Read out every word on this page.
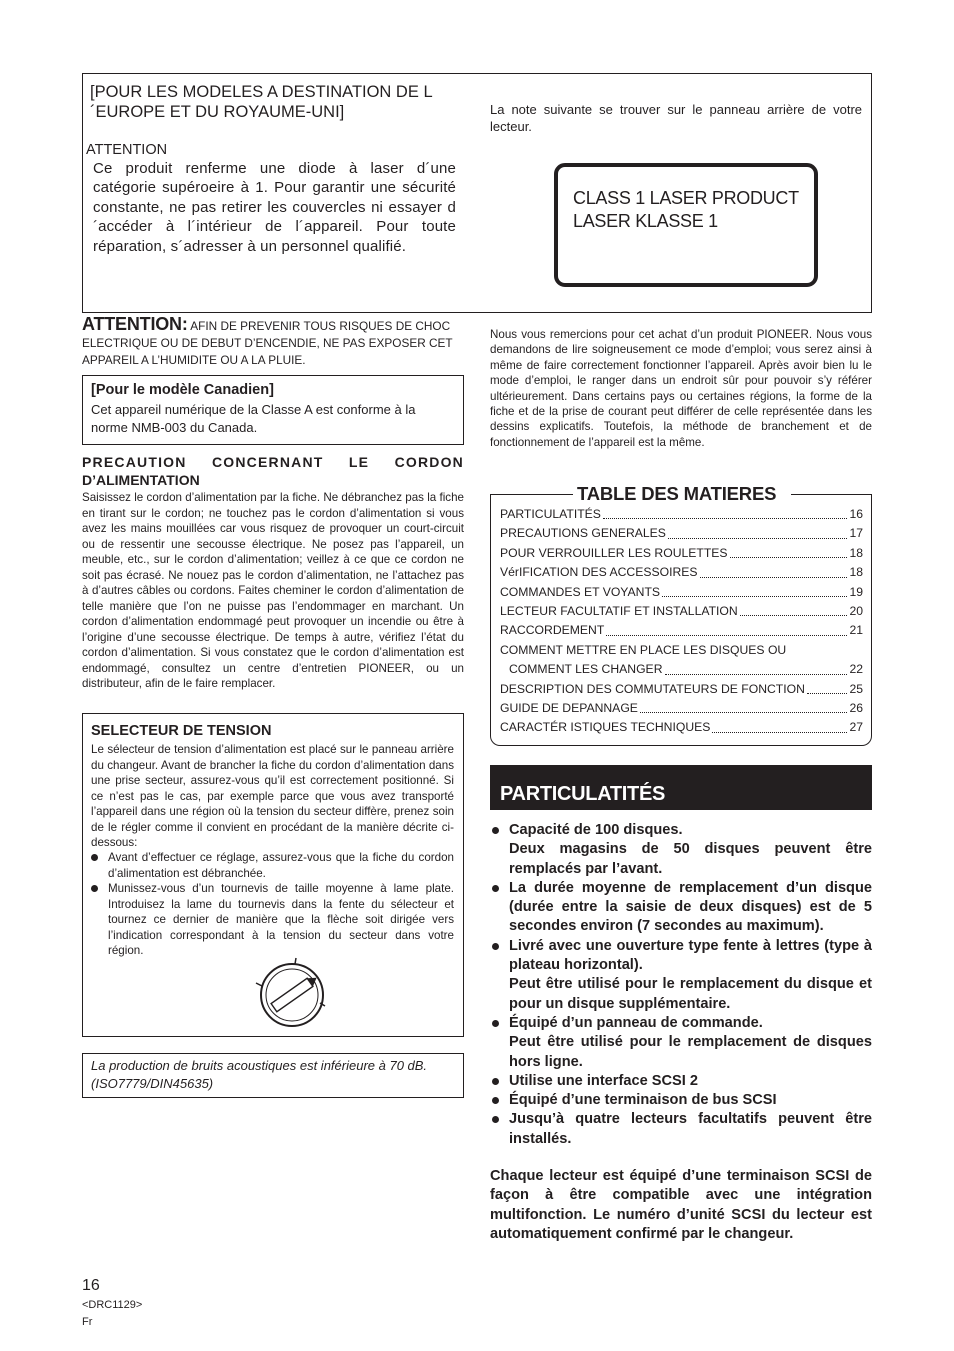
[POUR LES MODELES A DESTINATION DE L´EUROPE ET DU ROYAUME-UNI]
ATTENTION
Ce produit renferme une diode à laser d´une catégorie supéroeire à 1. Pour garantir une sécurité constante, ne pas retirer les couvercles ni essayer d´accéder à l´intérieur de l´appareil. Pour toute réparation, s´adresser à un personnel qualifié.
La note suivante se trouver sur le panneau arrière de votre lecteur.
CLASS 1 LASER PRODUCT
LASER KLASSE 1
ATTENTION: AFIN DE PREVENIR TOUS RISQUES DE CHOC ELECTRIQUE OU DE DEBUT D’ENCENDIE, NE PAS EXPOSER CET APPAREIL A L’HUMIDITE OU A LA PLUIE.
[Pour le modèle Canadien]
Cet appareil numérique de la Classe A est conforme à la norme NMB-003 du Canada.
PRECAUTION CONCERNANT LE CORDON
D’ALIMENTATION
Saisissez le cordon d’alimentation par la fiche. Ne débranchez pas la fiche en tirant sur le cordon; ne touchez pas le cordon d’alimentation si vous avez les mains mouillées car vous risquez de provoquer un court-circuit ou de ressentir une secousse électrique. Ne posez pas l’appareil, un meuble, etc., sur le cordon d’alimentation; veillez à ce que ce cordon ne soit pas écrasé. Ne nouez pas le cordon d’alimentation, ne l’attachez pas à d’autres câbles ou cordons. Faites cheminer le cordon d’alimentation de telle manière que l’on ne puisse pas l’endommager en marchant. Un cordon d’alimentation endommagé peut provoquer un incendie ou être à l’origine d’une secousse électrique. De temps à autre, vérifiez l’état du cordon d’alimentation. Si vous constatez que le cordon d’alimentation est endommagé, consultez un centre d’entretien PIONEER, ou un distributeur, afin de le faire remplacer.
SELECTEUR DE TENSION
Le sélecteur de tension d’alimentation est placé sur le panneau arrière du changeur. Avant de brancher la fiche du cordon d’alimentation dans une prise secteur, assurez-vous qu’il est correctement positionné. Si ce n’est pas le cas, par exemple parce que vous avez transporté l’appareil dans une région où la tension du secteur diffère, prenez soin de le régler comme il convient en procédant de la manière décrite ci-dessous:
Avant d’effectuer ce réglage, assurez-vous que la fiche du cordon d’alimentation est débranchée.
Munissez-vous d’un tournevis de taille moyenne à lame plate. Introduisez la lame du tournevis dans la fente du sélecteur et tournez ce dernier de manière que la flèche soit dirigée vers l’indication correspondant à la tension du secteur dans votre région.
La production de bruits acoustiques est inférieure à 70 dB. (ISO7779/DIN45635)
16
<DRC1129>
Fr
Nous vous remercions pour cet achat d’un produit PIONEER. Nous vous demandons de lire soigneusement ce mode d’emploi; vous serez ainsi à même de faire correctement fonctionner l’appareil. Après avoir bien lu le mode d’emploi, le ranger dans un endroit sûr pour pouvoir s’y référer ultérieurement. Dans certains pays ou certaines régions, la forme de la fiche et de la prise de courant peut différer de celle représentée dans les dessins explicatifs. Toutefois, la méthode de branchement et de fonctionnement de l’appareil est la même.
TABLE DES MATIERES
PARTICULATITÉS	16
PRECAUTIONS GENERALES	17
POUR VERROUILLER LES ROULETTES	18
VérIFICATION DES ACCESSOIRES	18
COMMANDES ET VOYANTS	19
LECTEUR FACULTATIF ET INSTALLATION	20
RACCORDEMENT	21
COMMENT METTRE EN PLACE LES DISQUES OU
COMMENT LES CHANGER	22
DESCRIPTION DES COMMUTATEURS DE FONCTION	25
GUIDE DE DEPANNAGE	26
CARACTÉR ISTIQUES TECHNIQUES	27
PARTICULATITÉS
Capacité de 100 disques.
Deux magasins de 50 disques peuvent être remplacés par l’avant.
La durée moyenne de remplacement d’un disque (durée entre la saisie de deux disques) est de 5 secondes environ (7 secondes au maximum).
Livré avec une ouverture type fente à lettres (type à plateau horizontal).
Peut être utilisé pour le remplacement du disque et pour un disque supplémentaire.
Équipé d’un panneau de commande.
Peut être utilisé pour le remplacement de disques hors ligne.
Utilise une interface SCSI 2
Équipé d’une terminaison de bus SCSI
Jusqu’à quatre lecteurs facultatifs peuvent être installés.
Chaque lecteur est équipé d’une terminaison SCSI de façon à être compatible avec une intégration multifonction. Le numéro d’unité SCSI du lecteur est automatiquement confirmé par le changeur.
